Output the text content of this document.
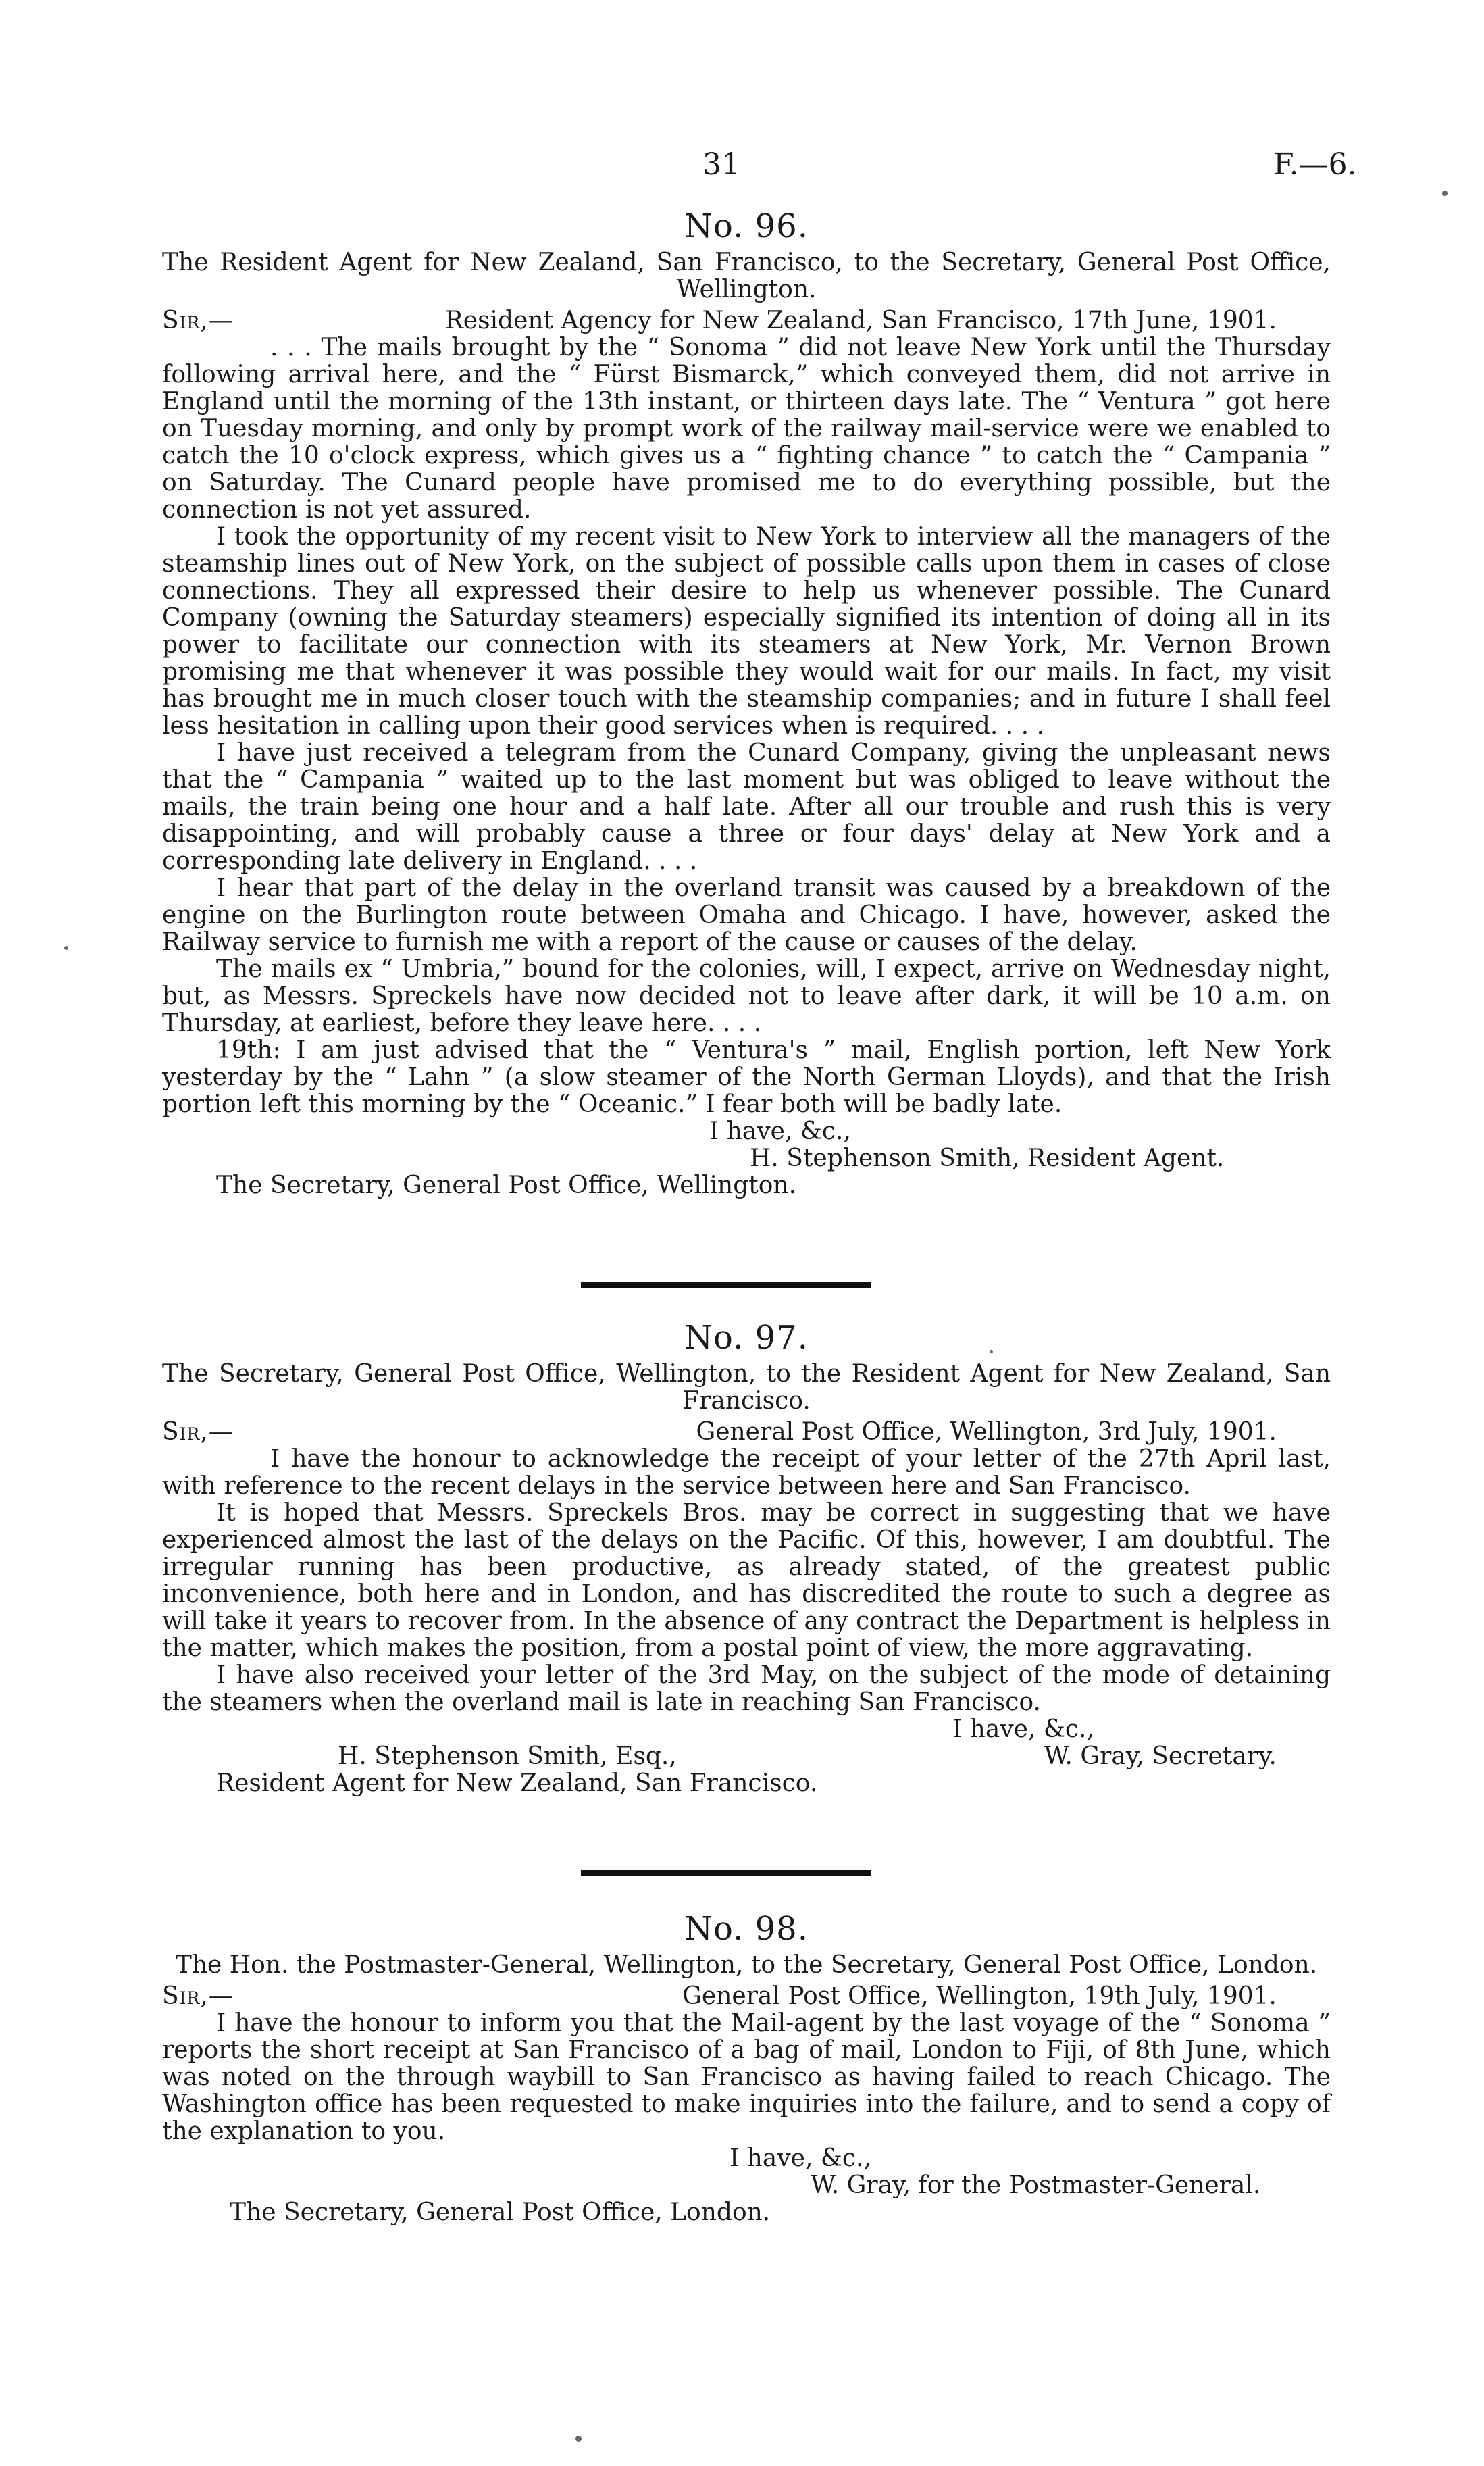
31	F.—6.
No. 96.

The Resident Agent for New Zealand, San Francisco, to the Secretary, General Post Office, Wellington.

Sir,—	Resident Agency for New Zealand, San Francisco, 17th June, 1901.

. . . The mails brought by the “ Sonoma ” did not leave New York until the Thursday following arrival here, and the “ Fürst Bismarck,” which conveyed them, did not arrive in England until the morning of the 13th instant, or thirteen days late. The “ Ventura ” got here on Tuesday morning, and only by prompt work of the railway mail-service were we enabled to catch the 10 o'clock express, which gives us a “ fighting chance ” to catch the “ Campania ” on Saturday. The Cunard people have promised me to do everything possible, but the connection is not yet assured.

I took the opportunity of my recent visit to New York to interview all the managers of the steamship lines out of New York, on the subject of possible calls upon them in cases of close connections. They all expressed their desire to help us whenever possible. The Cunard Company (owning the Saturday steamers) especially signified its intention of doing all in its power to facilitate our connection with its steamers at New York, Mr. Vernon Brown promising me that whenever it was possible they would wait for our mails. In fact, my visit has brought me in much closer touch with the steamship companies; and in future I shall feel less hesitation in calling upon their good services when is required. . . .

I have just received a telegram from the Cunard Company, giving the unpleasant news that the “ Campania ” waited up to the last moment but was obliged to leave without the mails, the train being one hour and a half late. After all our trouble and rush this is very disappointing, and will probably cause a three or four days' delay at New York and a corresponding late delivery in England. . . .

I hear that part of the delay in the overland transit was caused by a breakdown of the engine on the Burlington route between Omaha and Chicago. I have, however, asked the Railway service to furnish me with a report of the cause or causes of the delay.

The mails ex “ Umbria,” bound for the colonies, will, I expect, arrive on Wednesday night, but, as Messrs. Spreckels have now decided not to leave after dark, it will be 10 a.m. on Thursday, at earliest, before they leave here. . . .

19th: I am just advised that the “ Ventura's ” mail, English portion, left New York yesterday by the “ Lahn ” (a slow steamer of the North German Lloyds), and that the Irish portion left this morning by the “ Oceanic.” I fear both will be badly late.

I have, &c.,

H. Stephenson Smith, Resident Agent.

The Secretary, General Post Office, Wellington.

No. 97.

The Secretary, General Post Office, Wellington, to the Resident Agent for New Zealand, San Francisco.

Sir,—	General Post Office, Wellington, 3rd July, 1901.

I have the honour to acknowledge the receipt of your letter of the 27th April last, with reference to the recent delays in the service between here and San Francisco.

It is hoped that Messrs. Spreckels Bros. may be correct in suggesting that we have experienced almost the last of the delays on the Pacific. Of this, however, I am doubtful. The irregular running has been productive, as already stated, of the greatest public inconvenience, both here and in London, and has discredited the route to such a degree as will take it years to recover from. In the absence of any contract the Department is helpless in the matter, which makes the position, from a postal point of view, the more aggravating.

I have also received your letter of the 3rd May, on the subject of the mode of detaining the steamers when the overland mail is late in reaching San Francisco.

I have, &c.,

H. Stephenson Smith, Esq.,	W. Gray, Secretary.

Resident Agent for New Zealand, San Francisco.

No. 98.

The Hon. the Postmaster-General, Wellington, to the Secretary, General Post Office, London.

Sir,—	General Post Office, Wellington, 19th July, 1901.

I have the honour to inform you that the Mail-agent by the last voyage of the “ Sonoma ” reports the short receipt at San Francisco of a bag of mail, London to Fiji, of 8th June, which was noted on the through waybill to San Francisco as having failed to reach Chicago. The Washington office has been requested to make inquiries into the failure, and to send a copy of the explanation to you.

I have, &c.,

W. Gray, for the Postmaster-General.

The Secretary, General Post Office, London.
